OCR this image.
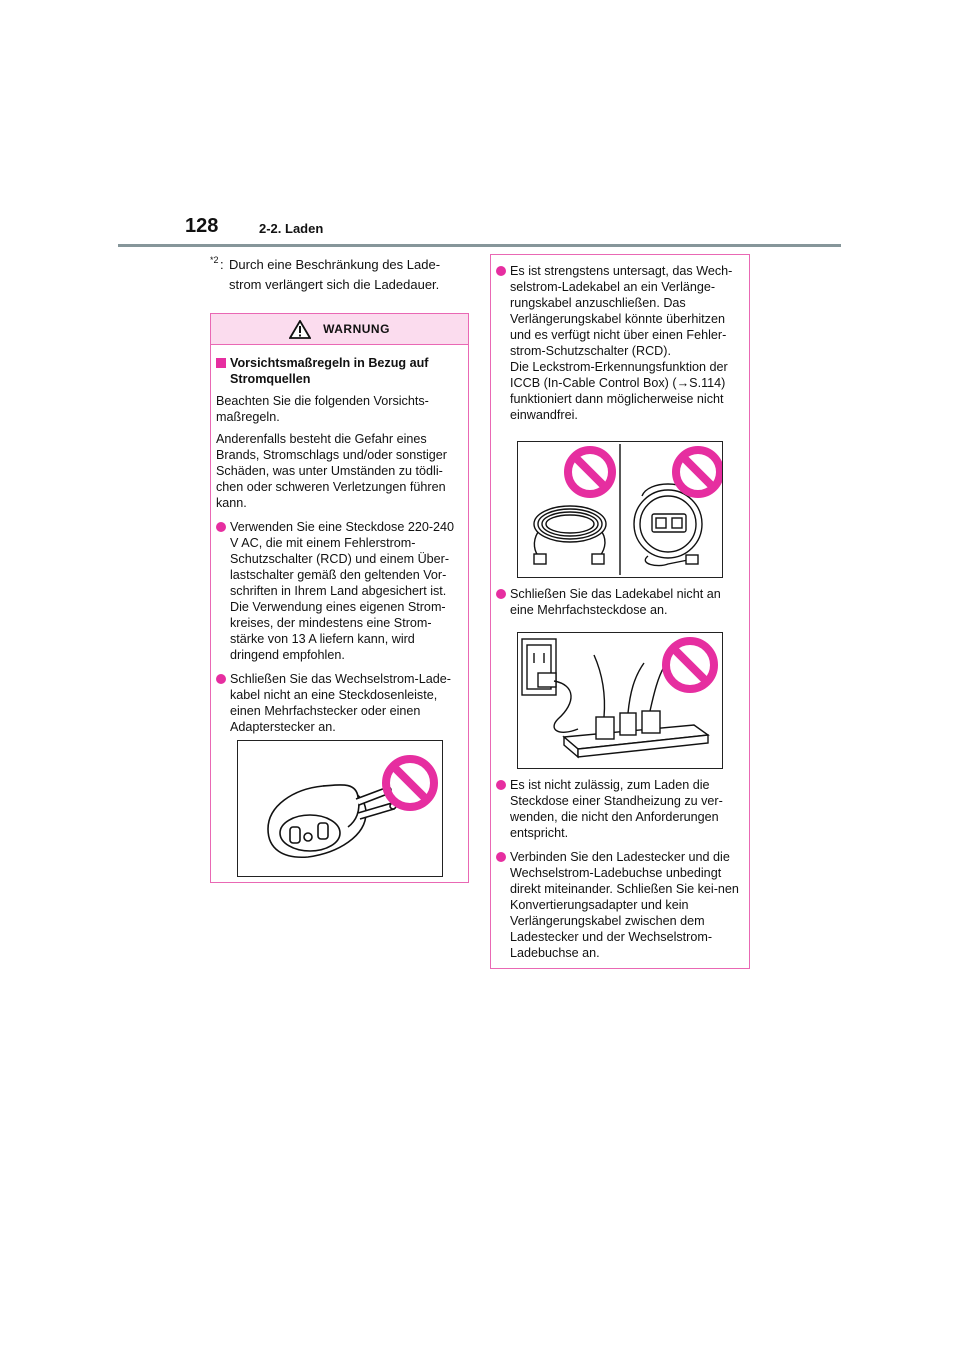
128	2-2. Laden
*2 : Durch eine Beschränkung des Lade-strom verlängert sich die Ladedauer.
WARNUNG
Vorsichtsmaßregeln in Bezug auf Stromquellen
Beachten Sie die folgenden Vorsichts-maßregeln.
Anderenfalls besteht die Gefahr eines Brands, Stromschlags und/oder sonstiger Schäden, was unter Umständen zu tödli-chen oder schweren Verletzungen führen kann.
Verwenden Sie eine Steckdose 220-240 V AC, die mit einem Fehlerstrom-Schutzschalter (RCD) und einem Über-lastschalter gemäß den geltenden Vor-schriften in Ihrem Land abgesichert ist. Die Verwendung eines eigenen Strom-kreises, der mindestens eine Strom-stärke von 13 A liefern kann, wird dringend empfohlen.
Schließen Sie das Wechselstrom-Lade-kabel nicht an eine Steckdosenleiste, einen Mehrfachstecker oder einen Adapterstecker an.
Es ist strengstens untersagt, das Wech-selstrom-Ladekabel an ein Verlänge-rungskabel anzuschließen. Das Verlängerungskabel könnte überhitzen und es verfügt nicht über einen Fehler-strom-Schutzschalter (RCD).
Die Leckstrom-Erkennungsfunktion der ICCB (In-Cable Control Box) (→S.114) funktioniert dann möglicherweise nicht einwandfrei.
Schließen Sie das Ladekabel nicht an eine Mehrfachsteckdose an.
Es ist nicht zulässig, zum Laden die Steckdose einer Standheizung zu ver-wenden, die nicht den Anforderungen entspricht.
Verbinden Sie den Ladestecker und die Wechselstrom-Ladebuchse unbedingt direkt miteinander. Schließen Sie kei-nen Konvertierungsadapter und kein Verlängerungskabel zwischen dem Ladestecker und der Wechselstrom-Ladebuchse an.
